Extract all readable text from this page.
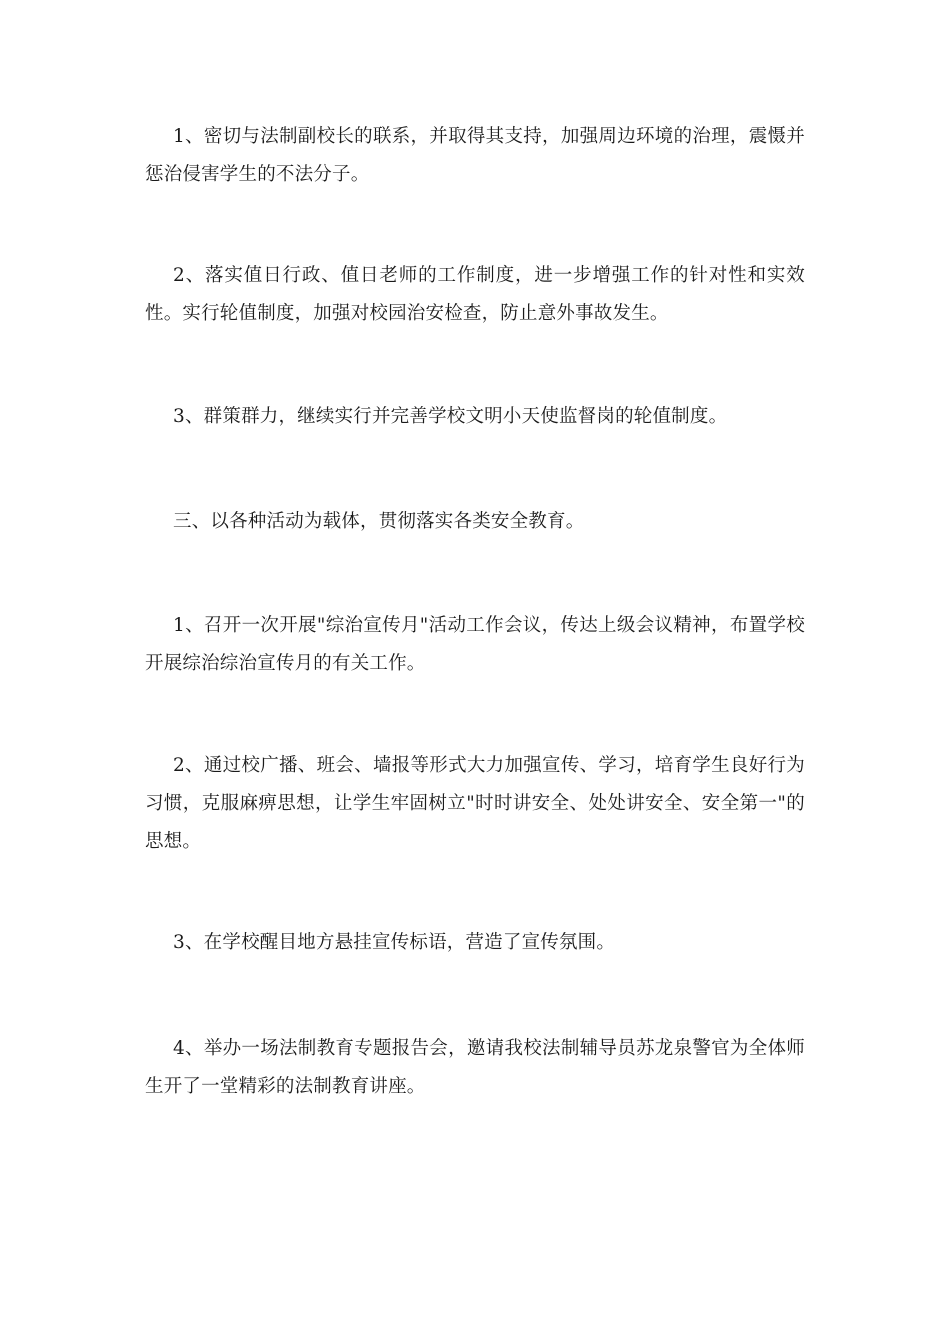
1、密切与法制副校长的联系，并取得其支持，加强周边环境的治理，震慑并惩治侵害学生的不法分子。

2、落实值日行政、值日老师的工作制度，进一步增强工作的针对性和实效性。实行轮值制度，加强对校园治安检查，防止意外事故发生。

3、群策群力，继续实行并完善学校文明小天使监督岗的轮值制度。

三、以各种活动为载体，贯彻落实各类安全教育。

1、召开一次开展"综治宣传月"活动工作会议，传达上级会议精神，布置学校开展综治综治宣传月的有关工作。

2、通过校广播、班会、墙报等形式大力加强宣传、学习，培育学生良好行为习惯，克服麻痹思想，让学生牢固树立"时时讲安全、处处讲安全、安全第一"的思想。

3、在学校醒目地方悬挂宣传标语，营造了宣传氛围。

4、举办一场法制教育专题报告会，邀请我校法制辅导员苏龙泉警官为全体师生开了一堂精彩的法制教育讲座。
